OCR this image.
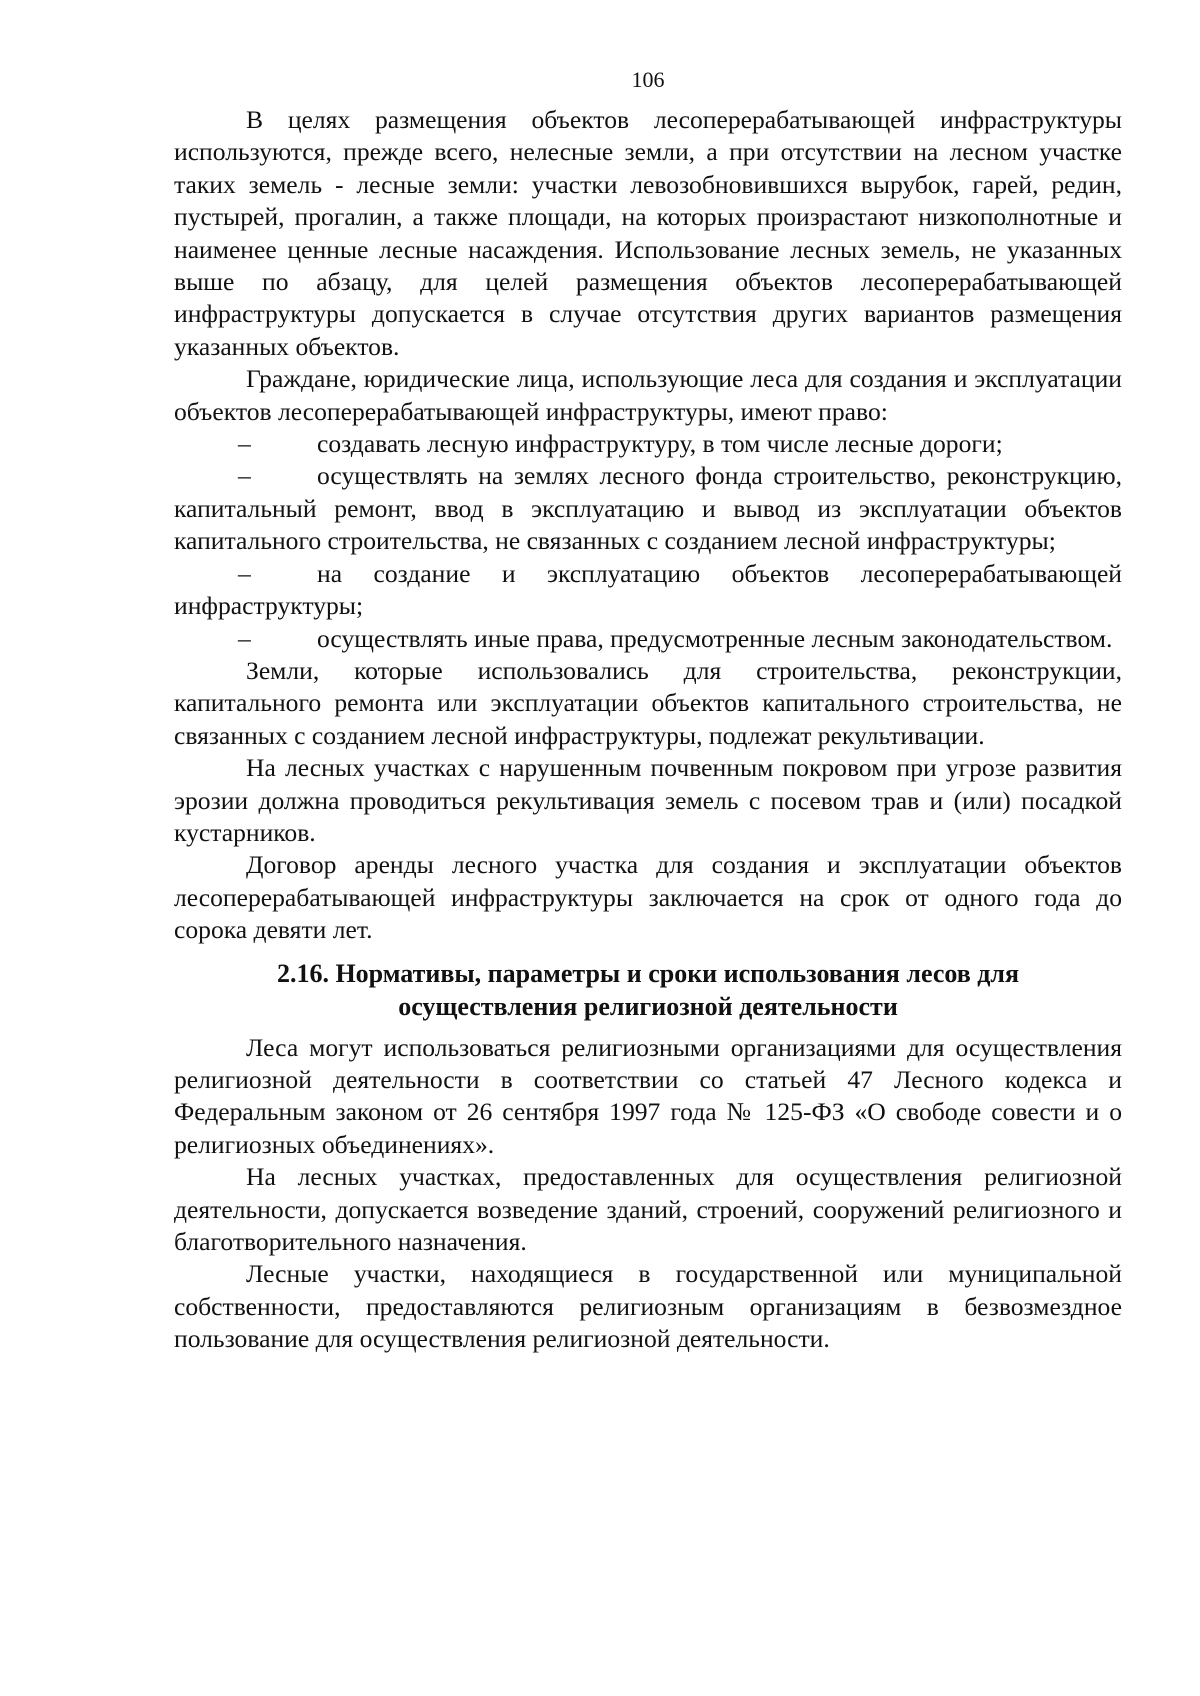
106

В целях размещения объектов лесоперерабатывающей инфраструктуры используются, прежде всего, нелесные земли, а при отсутствии на лесном участке таких земель - лесные земли: участки левозобновившихся вырубок, гарей, редин, пустырей, прогалин, а также площади, на которых произрастают низкополнотные и наименее ценные лесные насаждения. Использование лесных земель, не указанных выше по абзацу, для целей размещения объектов лесоперерабатывающей инфраструктуры допускается в случае отсутствия других вариантов размещения указанных объектов.

Граждане, юридические лица, использующие леса для создания и эксплуатации объектов лесоперерабатывающей инфраструктуры, имеют право:

–	создавать лесную инфраструктуру, в том числе лесные дороги;
–	осуществлять на землях лесного фонда строительство, реконструкцию, капитальный ремонт, ввод в эксплуатацию и вывод из эксплуатации объектов капитального строительства, не связанных с созданием лесной инфраструктуры;
–	на создание и эксплуатацию объектов лесоперерабатывающей инфраструктуры;
–	осуществлять иные права, предусмотренные лесным законодательством.

Земли, которые использовались для строительства, реконструкции, капитального ремонта или эксплуатации объектов капитального строительства, не связанных с созданием лесной инфраструктуры, подлежат рекультивации.

На лесных участках с нарушенным почвенным покровом при угрозе развития эрозии должна проводиться рекультивация земель с посевом трав и (или) посадкой кустарников.

Договор аренды лесного участка для создания и эксплуатации объектов лесоперерабатывающей инфраструктуры заключается на срок от одного года до сорока девяти лет.

2.16. Нормативы, параметры и сроки использования лесов для
осуществления религиозной деятельности

Леса могут использоваться религиозными организациями для осуществления религиозной деятельности в соответствии со статьей 47 Лесного кодекса и Федеральным законом от 26 сентября 1997 года № 125-ФЗ «О свободе совести и о религиозных объединениях».

На лесных участках, предоставленных для осуществления религиозной деятельности, допускается возведение зданий, строений, сооружений религиозного и благотворительного назначения.

Лесные участки, находящиеся в государственной или муниципальной собственности, предоставляются религиозным организациям в безвозмездное пользование для осуществления религиозной деятельности.
